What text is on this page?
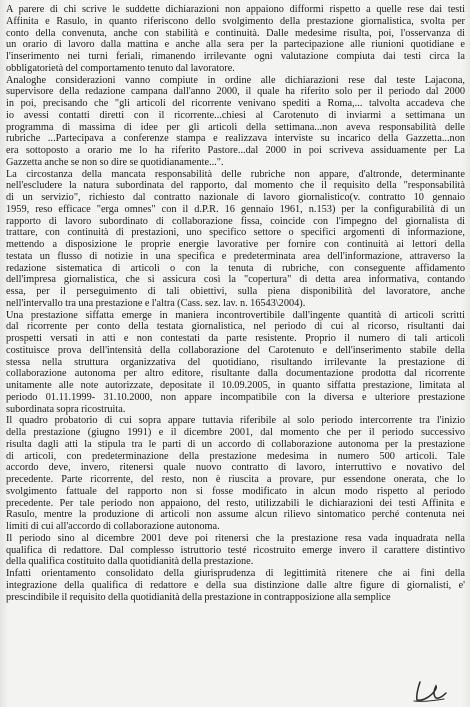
A parere di chi scrive le suddette dichiarazioni non appaiono difformi rispetto a quelle rese dai testi
Affinita e Rasulo, in quanto riferiscono dello svolgimento della prestazione giornalistica, svolta per
conto della convenuta, anche con stabilità e continuità. Dalle medesime risulta, poi, l'osservanza di
un orario di lavoro dalla mattina e anche alla sera per la partecipazione alle riunioni quotidiane e
l'inserimento nei turni feriali, rimanendo irrilevante ogni valutazione compiuta dai testi circa la
obbligatorietà del comportamento tenuto dal lavoratore.

Analoghe considerazioni vanno compiute in ordine alle dichiarazioni rese dal teste Lajacona,
supervisore della redazione campana dall'anno 2000, il quale ha riferito solo per il periodo dal 2000
in poi, precisando che "gli articoli del ricorrente venivano spediti a Roma,... talvolta accadeva che
io avessi contatti diretti con il ricorrente...chiesi al Carotenuto di inviarmi a settimana un
programma di massima di idee per gli articoli della settimana...non aveva responsabilità delle
rubriche ...Partecipava a conferenze stampa e realizzava interviste su incarico della Gazzetta...non
era sottoposto a orario me lo ha riferito Pastore...dal 2000 in poi scriveva assiduamente per La
Gazzetta anche se non so dire se quotidianamente...".

La circostanza della mancata responsabilità delle rubriche non appare, d'altronde, determinante
nell'escludere la natura subordinata del rapporto, dal momento che il requisito della "responsabilità
di un servizio", richiesto dal contratto nazionale di lavoro giornalistico(v. contratto 10 gennaio
1959, reso efficace "erga omnes" con il d.P.R. 16 gennaio 1961, n.153) per la configurabilità di un
rapporto di lavoro subordinato di collaborazione fissa, coincide con l'impegno del giornalista di
trattare, con continuità di prestazioni, uno specifico settore o specifici argomenti di informazione,
mettendo a disposizione le proprie energie lavorative per fornire con continuità ai lettori della
testata un flusso di notizie in una specifica e predeterminata area dell'informazione, attraverso la
redazione sistematica di articoli o con la tenuta di rubriche, con conseguente affidamento
dell'impresa giornalistica, che si assicura così la "copertura" di detta area informativa, contando
essa, per il perseguimento di tali obiettivi, sulla piena disponibilità del lavoratore, anche
nell'intervallo tra una prestazione e l'altra (Cass. sez. lav. n. 16543\2004).

Una prestazione siffatta emerge in maniera incontrovertibile dall'ingente quantità di articoli scritti
dal ricorrente per conto della testata giornalistica, nel periodo di cui al ricorso, risultanti dai
prospetti versati in atti e non contestati da parte resistente. Proprio il numero di tali articoli
costituisce prova dell'intensità della collaborazione del Carotenuto e dell'inserimento stabile della
stessa nella struttura organizzativa del quotidiano, risultando irrilevante la prestazione di
collaborazione autonoma per altro editore, risultante dalla documentazione prodotta dal ricorrente
unitamente alle note autorizzate, depositate il 10.09.2005, in quanto siffatta prestazione, limitata al
periodo 01.11.1999- 31.10.2000, non appare incompatibile con la diversa e ulteriore prestazione
subordinata sopra ricostruita.

Il quadro probatorio di cui sopra appare tuttavia riferibile al solo periodo intercorrente tra l'inizio
della prestazione (giugno 1991) e il dicembre 2001, dal momento che per il periodo successivo
risulta dagli atti la stipula tra le parti di un accordo di collaborazione autonoma per la prestazione
di articoli, con predeterminazione della prestazione medesima in numero 500 articoli. Tale
accordo deve, invero, ritenersi quale nuovo contratto di lavoro, interruttivo e novativo del
precedente. Parte ricorrente, del resto, non è riuscita a provare, pur essendone onerata, che lo
svolgimento fattuale del rapporto non si fosse modificato in alcun modo rispetto al periodo
precedente. Per tale periodo non appaiono, del resto, utilizzabili le dichiarazioni dei testi Affinita e
Rasulo, mentre la produzione di articoli non assume alcun rilievo sintomatico perché contenuta nei
limiti di cui all'accordo di collaborazione autonoma.

Il periodo sino al dicembre 2001 deve poi ritenersi che la prestazione resa vada inquadrata nella
qualifica di redattore. Dal complesso istruttorio testé ricostruito emerge invero il carattere distintivo
della qualifica costituito dalla quotidianità della prestazione.

Infatti orientamento consolidato della giurisprudenza di legittimità ritenere che ai fini della
integrazione della qualifica di redattore e della sua distinzione dalle altre figure di giornalisti, e'
prescindibile il requisito della quotidianità della prestazione in contrapposizione alla semplice
